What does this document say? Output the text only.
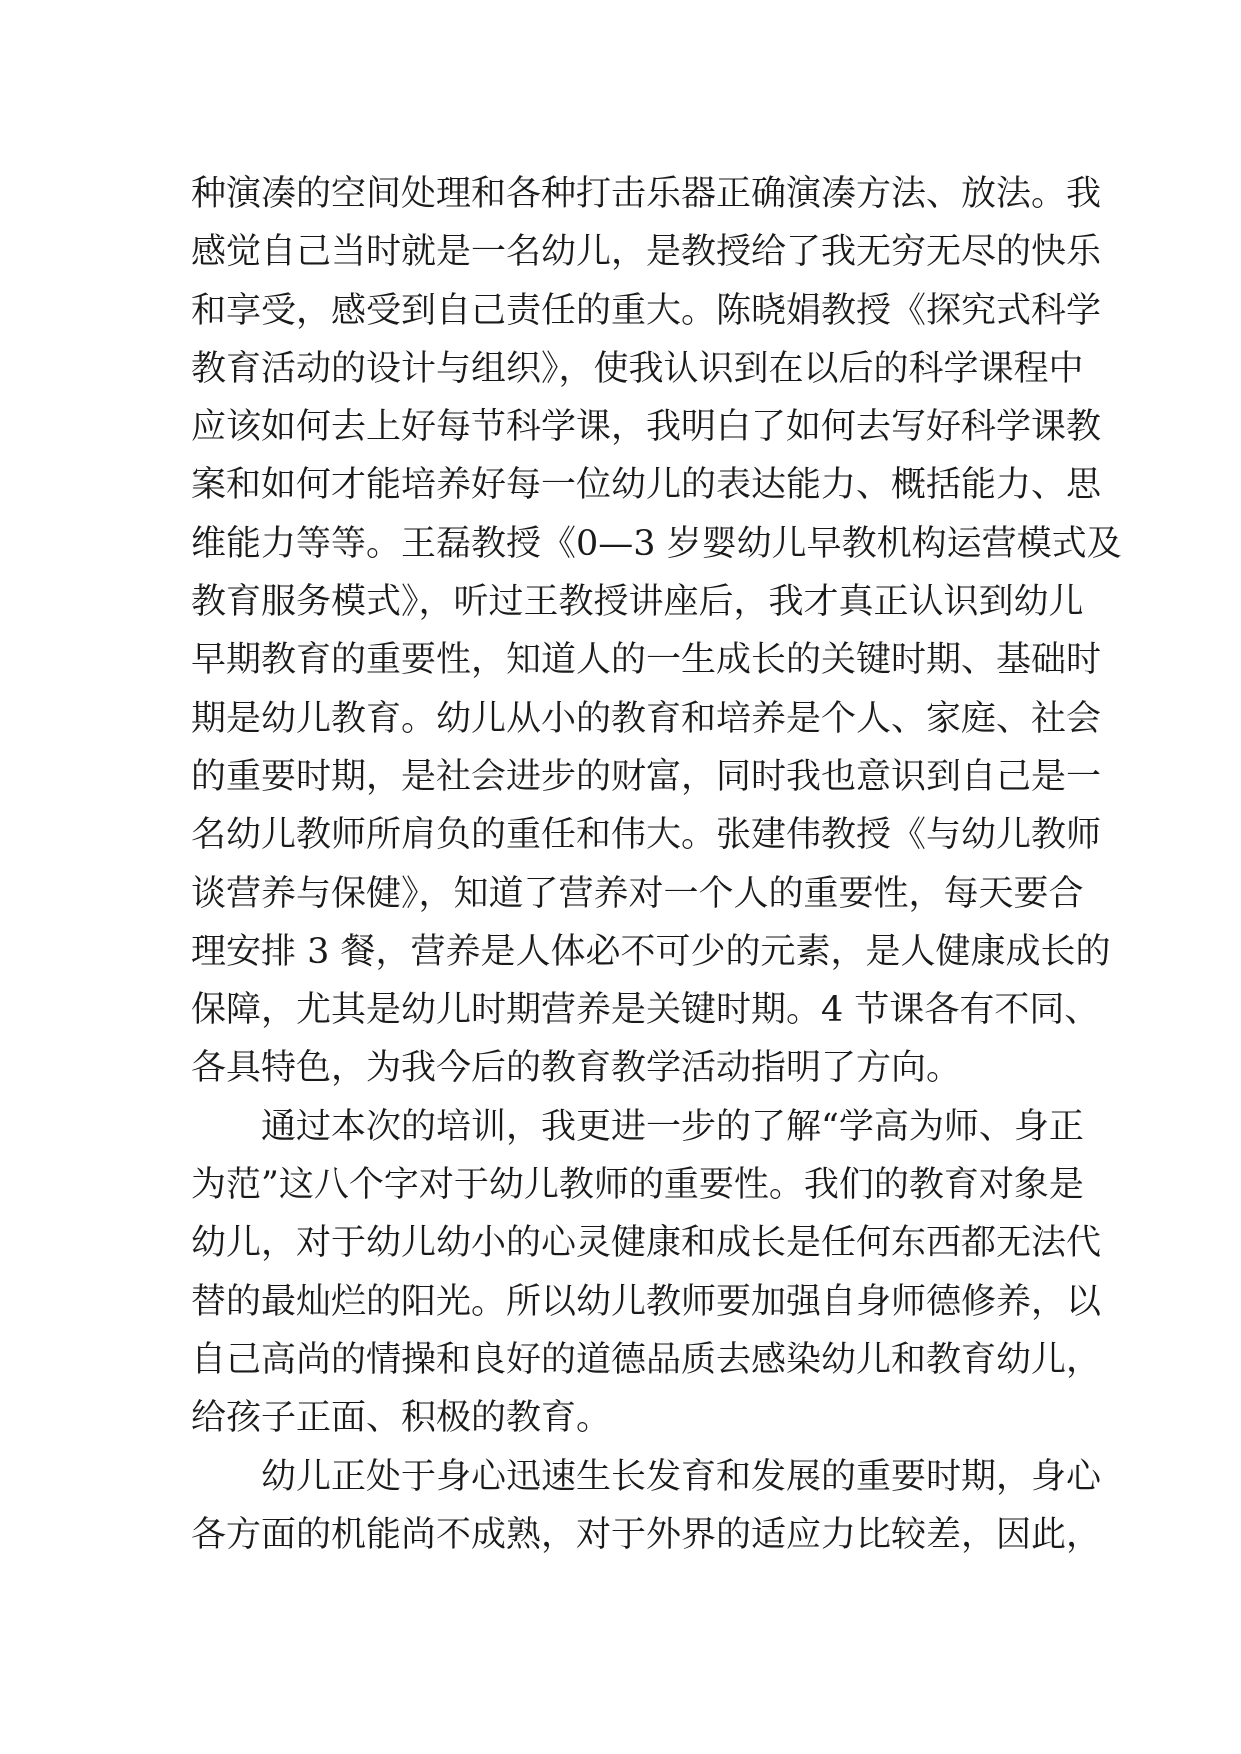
种演凑的空间处理和各种打击乐器正确演凑方法、放法。我
感觉自己当时就是一名幼儿，是教授给了我无穷无尽的快乐
和享受，感受到自己责任的重大。陈晓娟教授《探究式科学
教育活动的设计与组织》，使我认识到在以后的科学课程中
应该如何去上好每节科学课，我明白了如何去写好科学课教
案和如何才能培养好每一位幼儿的表达能力、概括能力、思
维能力等等。王磊教授《0—3 岁婴幼儿早教机构运营模式及
教育服务模式》，听过王教授讲座后，我才真正认识到幼儿
早期教育的重要性，知道人的一生成长的关键时期、基础时
期是幼儿教育。幼儿从小的教育和培养是个人、家庭、社会
的重要时期，是社会进步的财富，同时我也意识到自己是一
名幼儿教师所肩负的重任和伟大。张建伟教授《与幼儿教师
谈营养与保健》，知道了营养对一个人的重要性，每天要合
理安排 3 餐，营养是人体必不可少的元素，是人健康成长的
保障，尤其是幼儿时期营养是关键时期。4 节课各有不同、
各具特色，为我今后的教育教学活动指明了方向。
通过本次的培训，我更进一步的了解“学高为师、身正
为范”这八个字对于幼儿教师的重要性。我们的教育对象是
幼儿，对于幼儿幼小的心灵健康和成长是任何东西都无法代
替的最灿烂的阳光。所以幼儿教师要加强自身师德修养，以
自己高尚的情操和良好的道德品质去感染幼儿和教育幼儿，
给孩子正面、积极的教育。
幼儿正处于身心迅速生长发育和发展的重要时期，身心
各方面的机能尚不成熟，对于外界的适应力比较差，因此，
